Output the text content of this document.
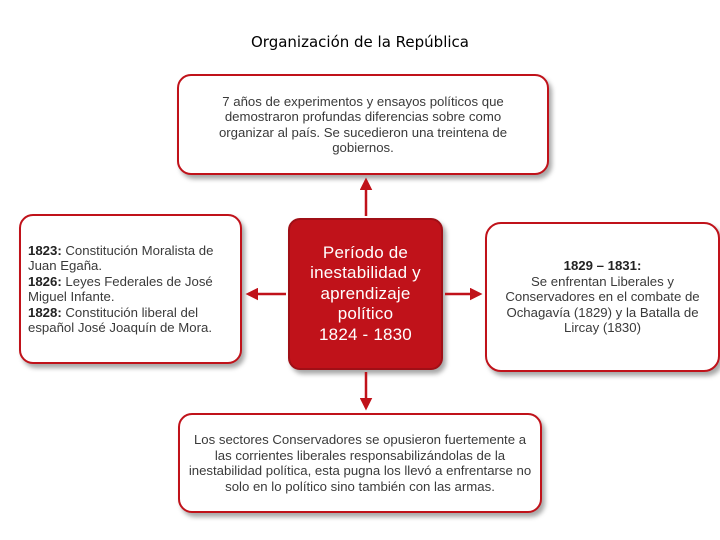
Organización de la República
7 años de experimentos y ensayos políticos que demostraron profundas diferencias sobre como organizar al país. Se sucedieron una treintena de gobiernos.
1823: Constitución Moralista de Juan Egaña.
1826: Leyes Federales de José Miguel Infante.
1828: Constitución liberal del español José Joaquín de Mora.
Período de
inestabilidad y
aprendizaje
político
1824 - 1830
1829 – 1831:
Se enfrentan Liberales y Conservadores en el combate de Ochagavía (1829) y la Batalla de Lircay (1830)
Los sectores Conservadores se opusieron fuertemente a las corrientes liberales responsabilizándolas de la inestabilidad política, esta pugna los llevó a enfrentarse no solo en lo político sino también con las armas.
